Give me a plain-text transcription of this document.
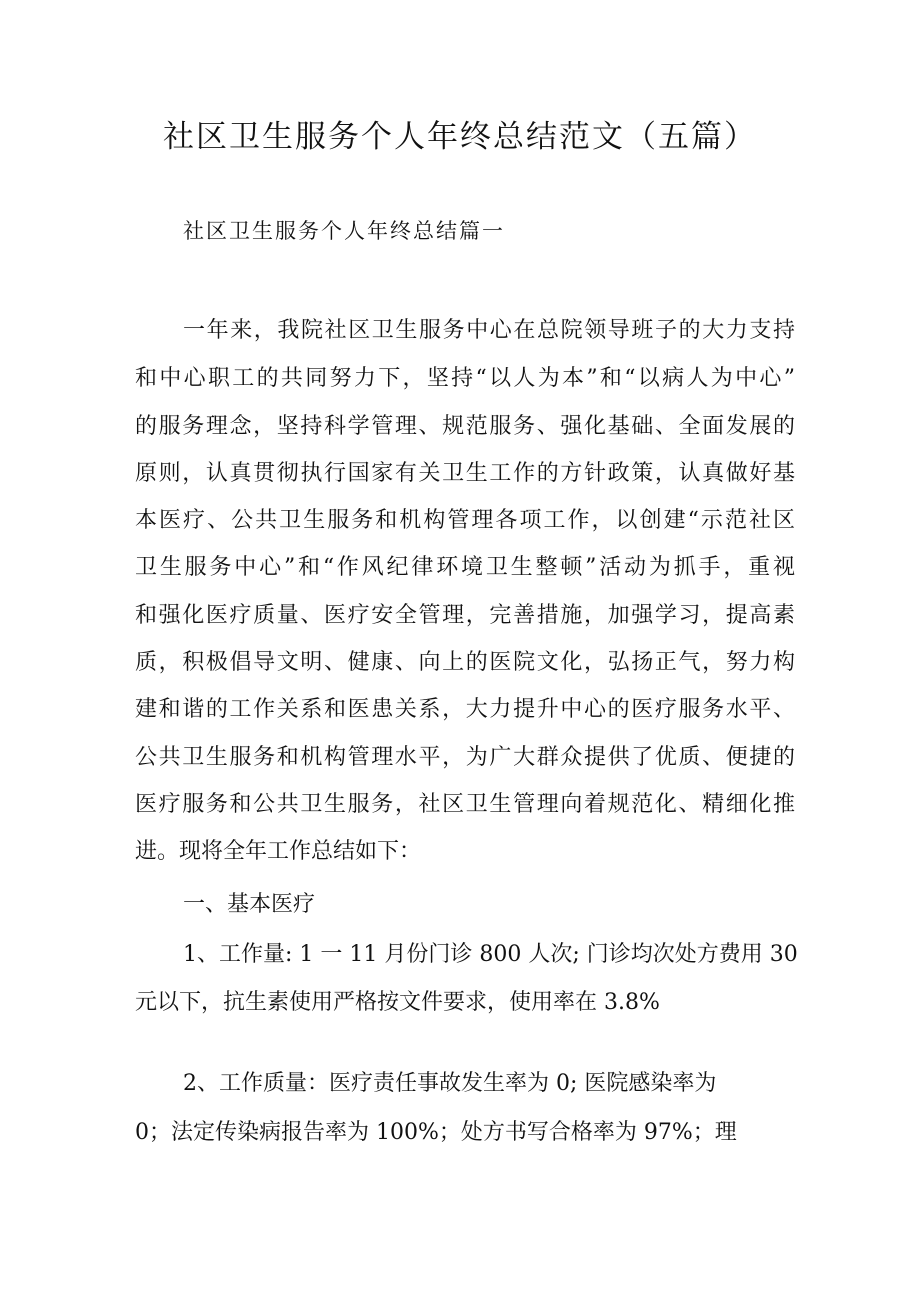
社区卫生服务个人年终总结范文（五篇）

社区卫生服务个人年终总结篇一

一年来，我院社区卫生服务中心在总院领导班子的大力支持

和中心职工的共同努力下，坚持“以人为本”和“以病人为中心”

的服务理念，坚持科学管理、规范服务、强化基础、全面发展的

原则，认真贯彻执行国家有关卫生工作的方针政策，认真做好基

本医疗、公共卫生服务和机构管理各项工作，以创建“示范社区

卫生服务中心”和“作风纪律环境卫生整顿”活动为抓手，重视

和强化医疗质量、医疗安全管理，完善措施，加强学习，提高素

质，积极倡导文明、健康、向上的医院文化，弘扬正气，努力构

建和谐的工作关系和医患关系，大力提升中心的医疗服务水平、

公共卫生服务和机构管理水平，为广大群众提供了优质、便捷的

医疗服务和公共卫生服务，社区卫生管理向着规范化、精细化推

进。现将全年工作总结如下：

一、基本医疗

1、工作量: 1 一 11 月份门诊 800 人次; 门诊均次处方费用 30

元以下，抗生素使用严格按文件要求，使用率在 3.8%

2、工作质量：医疗责任事故发生率为 0; 医院感染率为

0；法定传染病报告率为 100%；处方书写合格率为 97%；理
